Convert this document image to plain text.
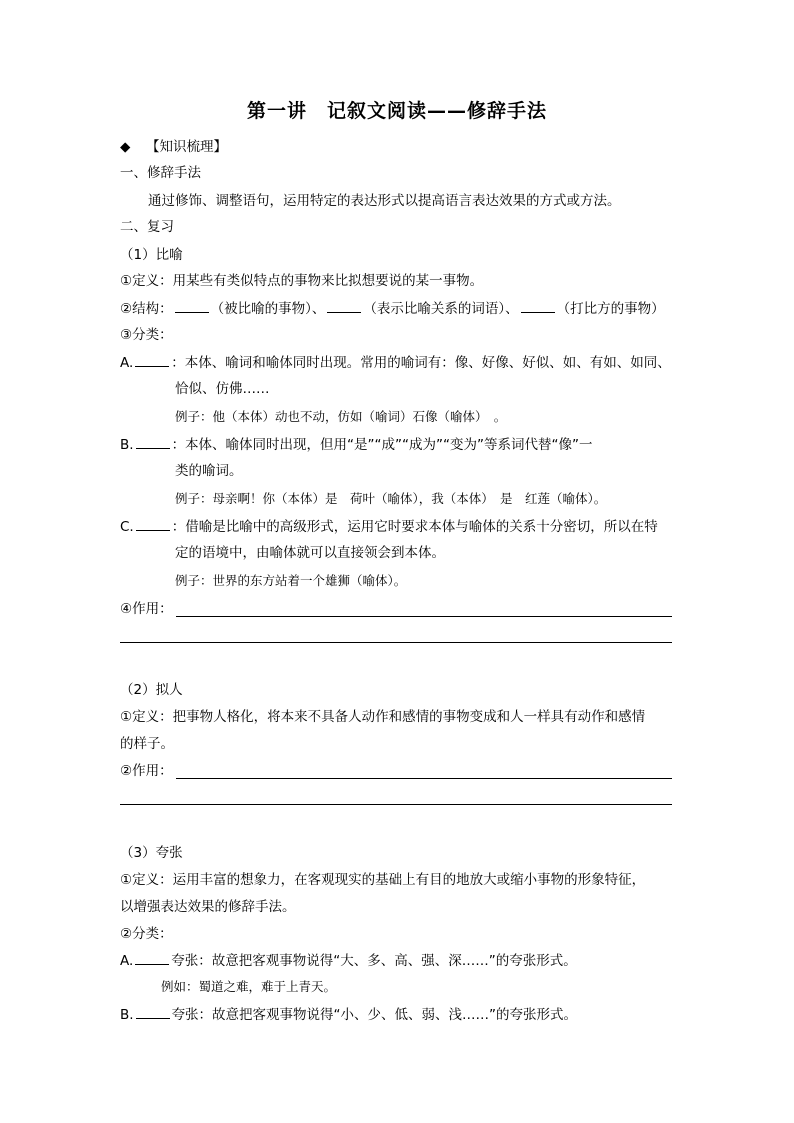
第一讲　记叙文阅读——修辞手法
◆ 【知识梳理】
一、修辞手法
通过修饰、调整语句，运用特定的表达形式以提高语言表达效果的方式或方法。
二、复习
（1）比喻
①定义：用某些有类似特点的事物来比拟想要说的某一事物。
②结构：	（被比喻的事物）、	（表示比喻关系的词语）、	（打比方的事物）
③分类：
A.	：本体、喻词和喻体同时出现。常用的喻词有：像、好像、好似、如、有如、如同、
恰似、仿佛……
例子：他（本体）动也不动，仿如（喻词）石像（喻体）　。
B.	：本体、喻体同时出现，但用“是”“成”“成为”“变为”等系词代替“像”一
类的喻词。
例子：母亲啊！你（本体）是　荷叶（喻体），我（本体）　是　红莲（喻体）。
C.	：借喻是比喻中的高级形式，运用它时要求本体与喻体的关系十分密切，所以在特
定的语境中，由喻体就可以直接领会到本体。
例子：世界的东方站着一个雄狮（喻体）。
④作用：
（2）拟人
①定义：把事物人格化，将本来不具备人动作和感情的事物变成和人一样具有动作和感情
的样子。
②作用：
（3）夸张
①定义：运用丰富的想象力，在客观现实的基础上有目的地放大或缩小事物的形象特征，
以增强表达效果的修辞手法。
②分类：
A.	夸张：故意把客观事物说得“大、多、高、强、深……”的夸张形式。
例如：蜀道之难，难于上青天。
B.	夸张：故意把客观事物说得“小、少、低、弱、浅……”的夸张形式。
